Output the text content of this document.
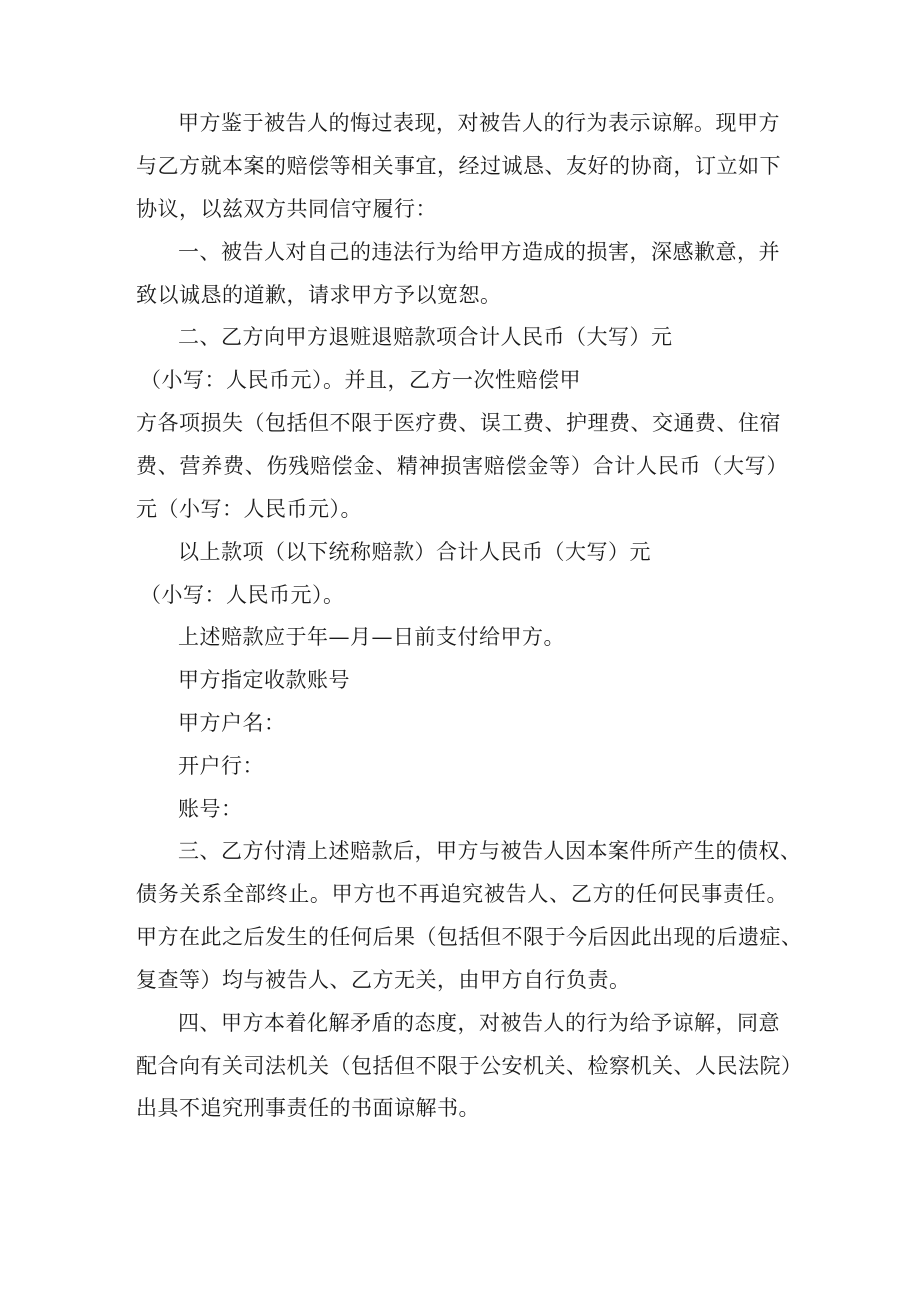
甲方鉴于被告人的悔过表现，对被告人的行为表示谅解。现甲方
与乙方就本案的赔偿等相关事宜，经过诚恳、友好的协商，订立如下
协议，以兹双方共同信守履行：
一、被告人对自己的违法行为给甲方造成的损害，深感歉意，并
致以诚恳的道歉，请求甲方予以宽恕。
二、乙方向甲方退赃退赔款项合计人民币（大写）元
（小写：人民币元）。并且，乙方一次性赔偿甲
方各项损失（包括但不限于医疗费、误工费、护理费、交通费、住宿
费、营养费、伤残赔偿金、精神损害赔偿金等）合计人民币（大写）
元（小写：人民币元）。
以上款项（以下统称赔款）合计人民币（大写）元
（小写：人民币元）。
上述赔款应于年—月—日前支付给甲方。
甲方指定收款账号
甲方户名：
开户行：
账号：
三、乙方付清上述赔款后，甲方与被告人因本案件所产生的债权、
债务关系全部终止。甲方也不再追究被告人、乙方的任何民事责任。
甲方在此之后发生的任何后果（包括但不限于今后因此出现的后遗症、
复查等）均与被告人、乙方无关，由甲方自行负责。
四、甲方本着化解矛盾的态度，对被告人的行为给予谅解，同意
配合向有关司法机关（包括但不限于公安机关、检察机关、人民法院）
出具不追究刑事责任的书面谅解书。
